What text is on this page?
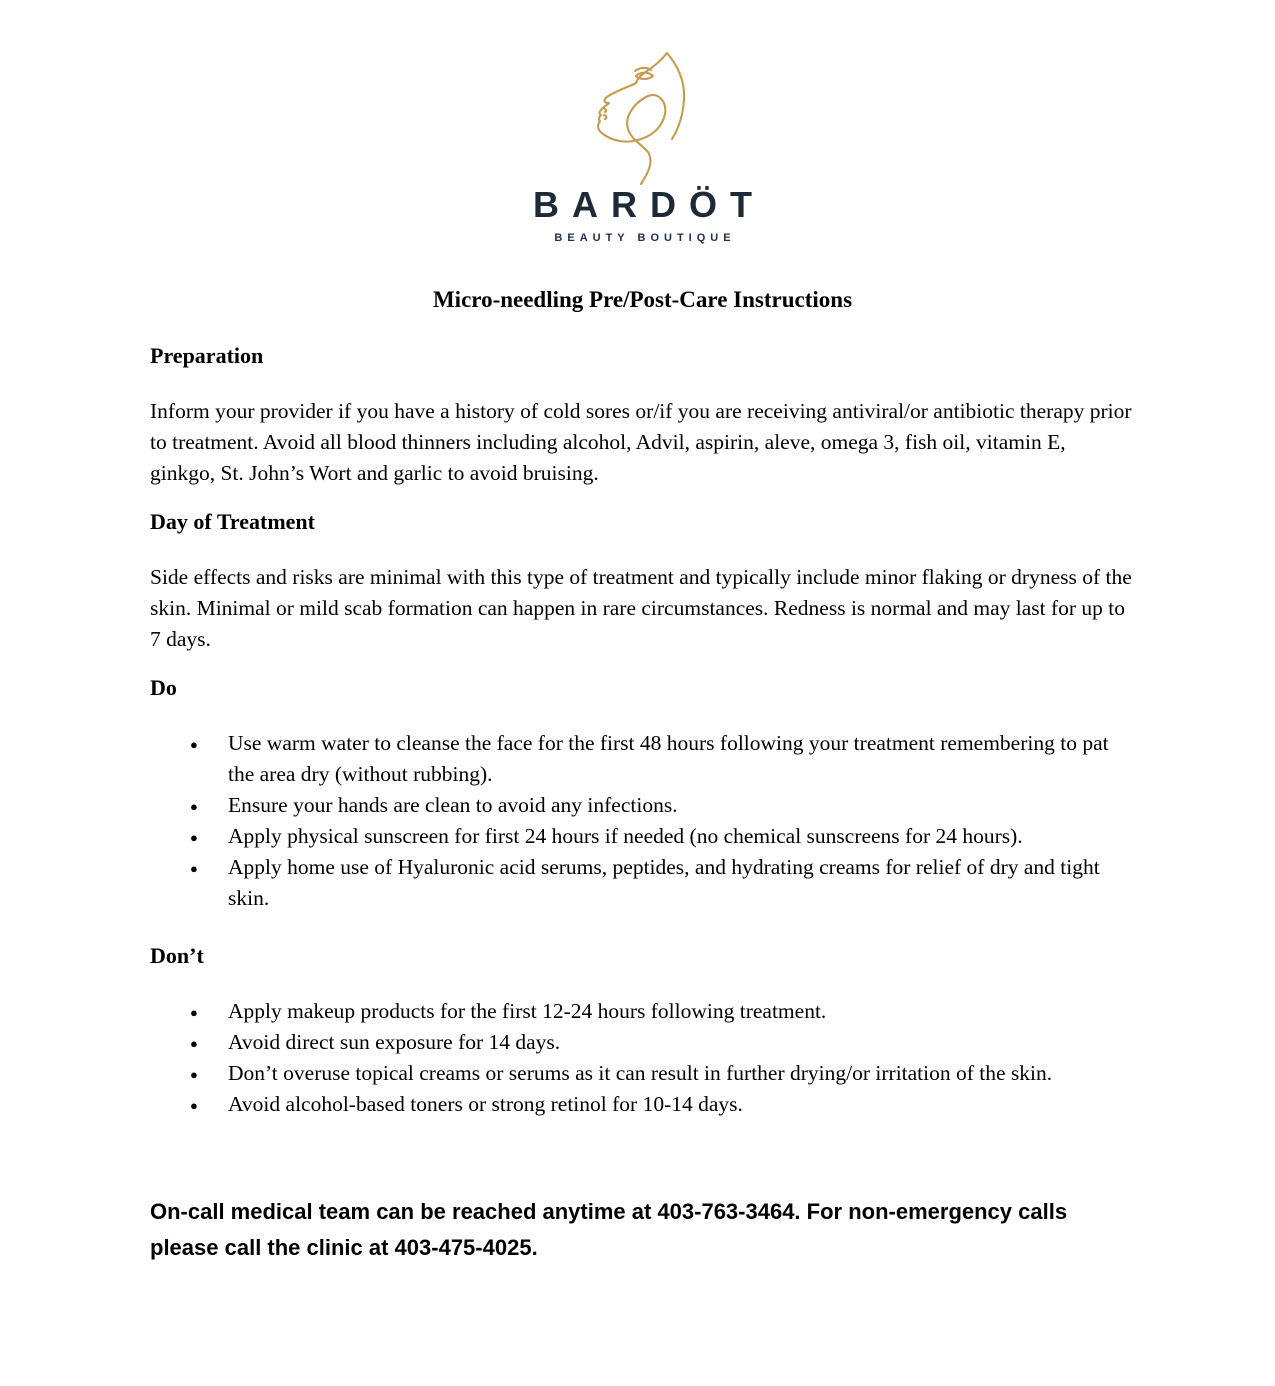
BARDÖT
BEAUTY BOUTIQUE
Micro-needling Pre/Post-Care Instructions
Preparation

Inform your provider if you have a history of cold sores or/if you are receiving antiviral/or antibiotic therapy prior to treatment. Avoid all blood thinners including alcohol, Advil, aspirin, aleve, omega 3, fish oil, vitamin E, ginkgo, St. John’s Wort and garlic to avoid bruising.

Day of Treatment

Side effects and risks are minimal with this type of treatment and typically include minor flaking or dryness of the skin. Minimal or mild scab formation can happen in rare circumstances. Redness is normal and may last for up to 7 days.

Do
● Use warm water to cleanse the face for the first 48 hours following your treatment remembering to pat the area dry (without rubbing).
● Ensure your hands are clean to avoid any infections.
● Apply physical sunscreen for first 24 hours if needed (no chemical sunscreens for 24 hours).
● Apply home use of Hyaluronic acid serums, peptides, and hydrating creams for relief of dry and tight skin.
Don’t
● Apply makeup products for the first 12-24 hours following treatment.
● Avoid direct sun exposure for 14 days.
● Don’t overuse topical creams or serums as it can result in further drying/or irritation of the skin.
● Avoid alcohol-based toners or strong retinol for 10-14 days.

On-call medical team can be reached anytime at 403-763-3464. For non-emergency calls please call the clinic at 403-475-4025.
